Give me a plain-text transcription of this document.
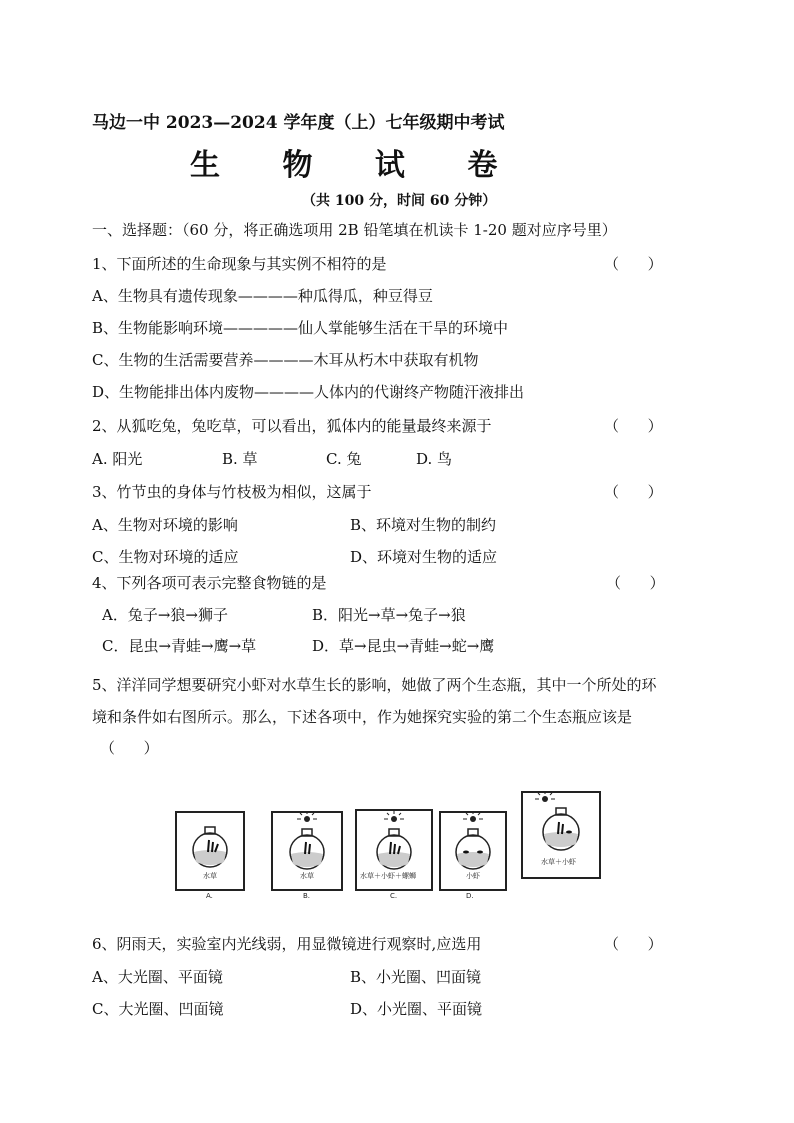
马边一中 2023—2024 学年度（上）七年级期中考试
生 物 试 卷
（共 100 分，时间 60 分钟）
一、选择题：（60 分，将正确选项用 2B 铅笔填在机读卡 1-20 题对应序号里）
1、下面所述的生命现象与其实例不相符的是	（      ）
A、生物具有遗传现象————种瓜得瓜，种豆得豆
B、生物能影响环境—————仙人掌能够生活在干旱的环境中
C、生物的生活需要营养————木耳从朽木中获取有机物
D、生物能排出体内废物————人体内的代谢终产物随汗液排出
2、从狐吃兔，兔吃草，可以看出，狐体内的能量最终来源于	（      ）
A. 阳光	B. 草	C. 兔	D. 鸟
3、竹节虫的身体与竹枝极为相似，这属于	（      ）
A、生物对环境的影响	B、环境对生物的制约
C、生物对环境的适应	D、环境对生物的适应
4、下列各项可表示完整食物链的是	（      ）
A．兔子→狼→狮子	B．阳光→草→兔子→狼
C．昆虫→青蛙→鹰→草	D．草→昆虫→青蛙→蛇→鹰
5、洋洋同学想要研究小虾对水草生长的影响，她做了两个生态瓶，其中一个所处的环
境和条件如右图所示。那么，下述各项中，作为她探究实验的第二个生态瓶应该是
（      ）
水草
A.
水草
B.
水草＋小虾＋螺蛳
C.
小虾
D.
水草＋小虾
6、阴雨天，实验室内光线弱，用显微镜进行观察时,应选用	（      ）
A、大光圈、平面镜	B、小光圈、凹面镜
C、大光圈、凹面镜	D、小光圈、平面镜
